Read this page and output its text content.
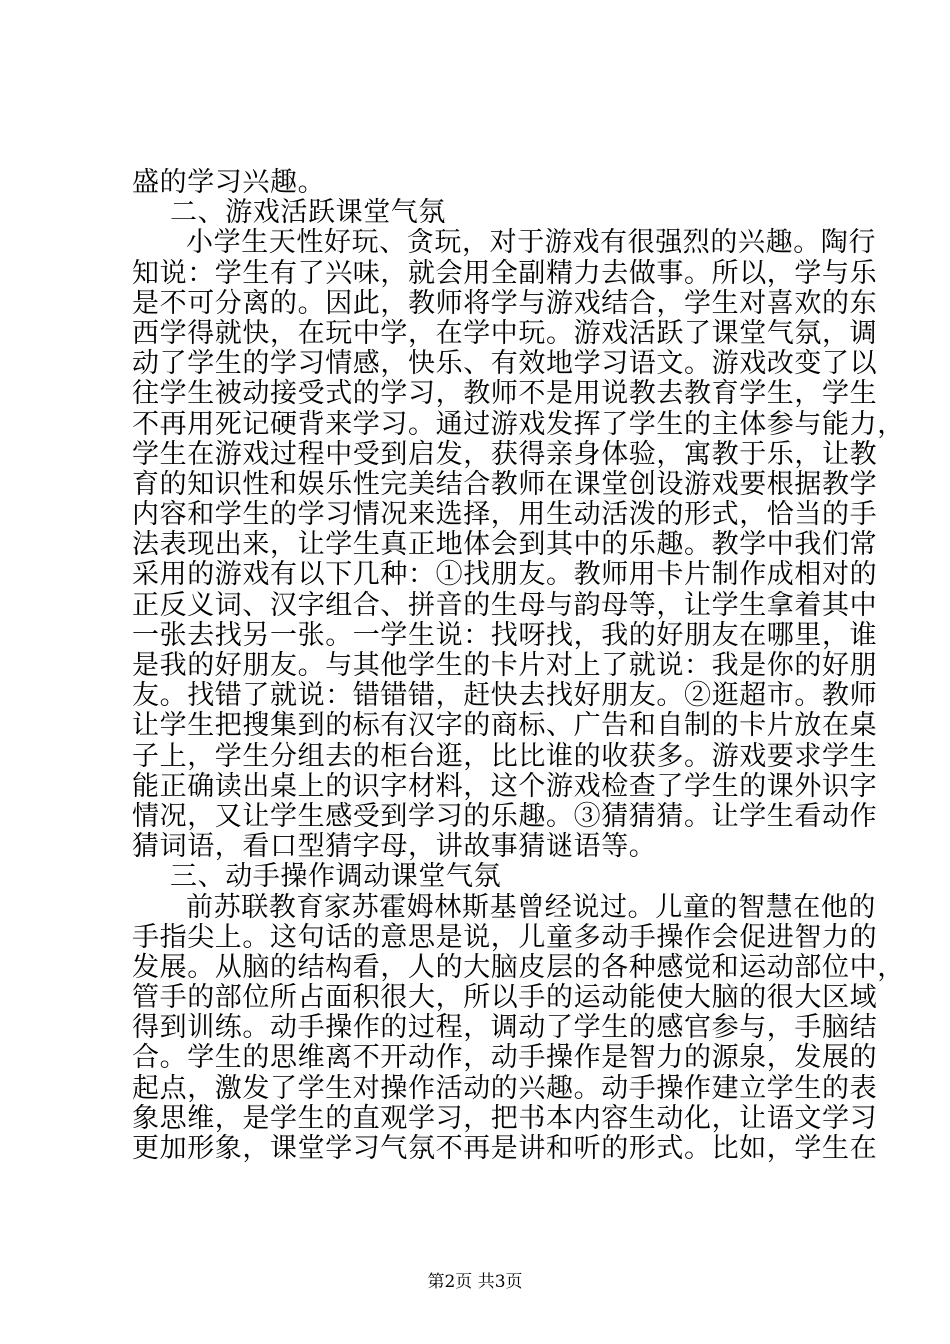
盛的学习兴趣。
二、游戏活跃课堂气氛
小学生天性好玩、贪玩，对于游戏有很强烈的兴趣。陶行
知说：学生有了兴味，就会用全副精力去做事。所以，学与乐
是不可分离的。因此，教师将学与游戏结合，学生对喜欢的东
西学得就快，在玩中学，在学中玩。游戏活跃了课堂气氛，调
动了学生的学习情感，快乐、有效地学习语文。游戏改变了以
往学生被动接受式的学习，教师不是用说教去教育学生，学生
不再用死记硬背来学习。通过游戏发挥了学生的主体参与能力，
学生在游戏过程中受到启发，获得亲身体验，寓教于乐，让教
育的知识性和娱乐性完美结合教师在课堂创设游戏要根据教学
内容和学生的学习情况来选择，用生动活泼的形式，恰当的手
法表现出来，让学生真正地体会到其中的乐趣。教学中我们常
采用的游戏有以下几种：①找朋友。教师用卡片制作成相对的
正反义词、汉字组合、拼音的生母与韵母等，让学生拿着其中
一张去找另一张。一学生说：找呀找，我的好朋友在哪里，谁
是我的好朋友。与其他学生的卡片对上了就说：我是你的好朋
友。找错了就说：错错错，赶快去找好朋友。②逛超市。教师
让学生把搜集到的标有汉字的商标、广告和自制的卡片放在桌
子上，学生分组去的柜台逛，比比谁的收获多。游戏要求学生
能正确读出桌上的识字材料，这个游戏检查了学生的课外识字
情况，又让学生感受到学习的乐趣。③猜猜猜。让学生看动作
猜词语，看口型猜字母，讲故事猜谜语等。
三、动手操作调动课堂气氛
前苏联教育家苏霍姆林斯基曾经说过。儿童的智慧在他的
手指尖上。这句话的意思是说，儿童多动手操作会促进智力的
发展。从脑的结构看，人的大脑皮层的各种感觉和运动部位中，
管手的部位所占面积很大，所以手的运动能使大脑的很大区域
得到训练。动手操作的过程，调动了学生的感官参与，手脑结
合。学生的思维离不开动作，动手操作是智力的源泉，发展的
起点，激发了学生对操作活动的兴趣。动手操作建立学生的表
象思维，是学生的直观学习，把书本内容生动化，让语文学习
更加形象，课堂学习气氛不再是讲和听的形式。比如，学生在
第2页 共3页
